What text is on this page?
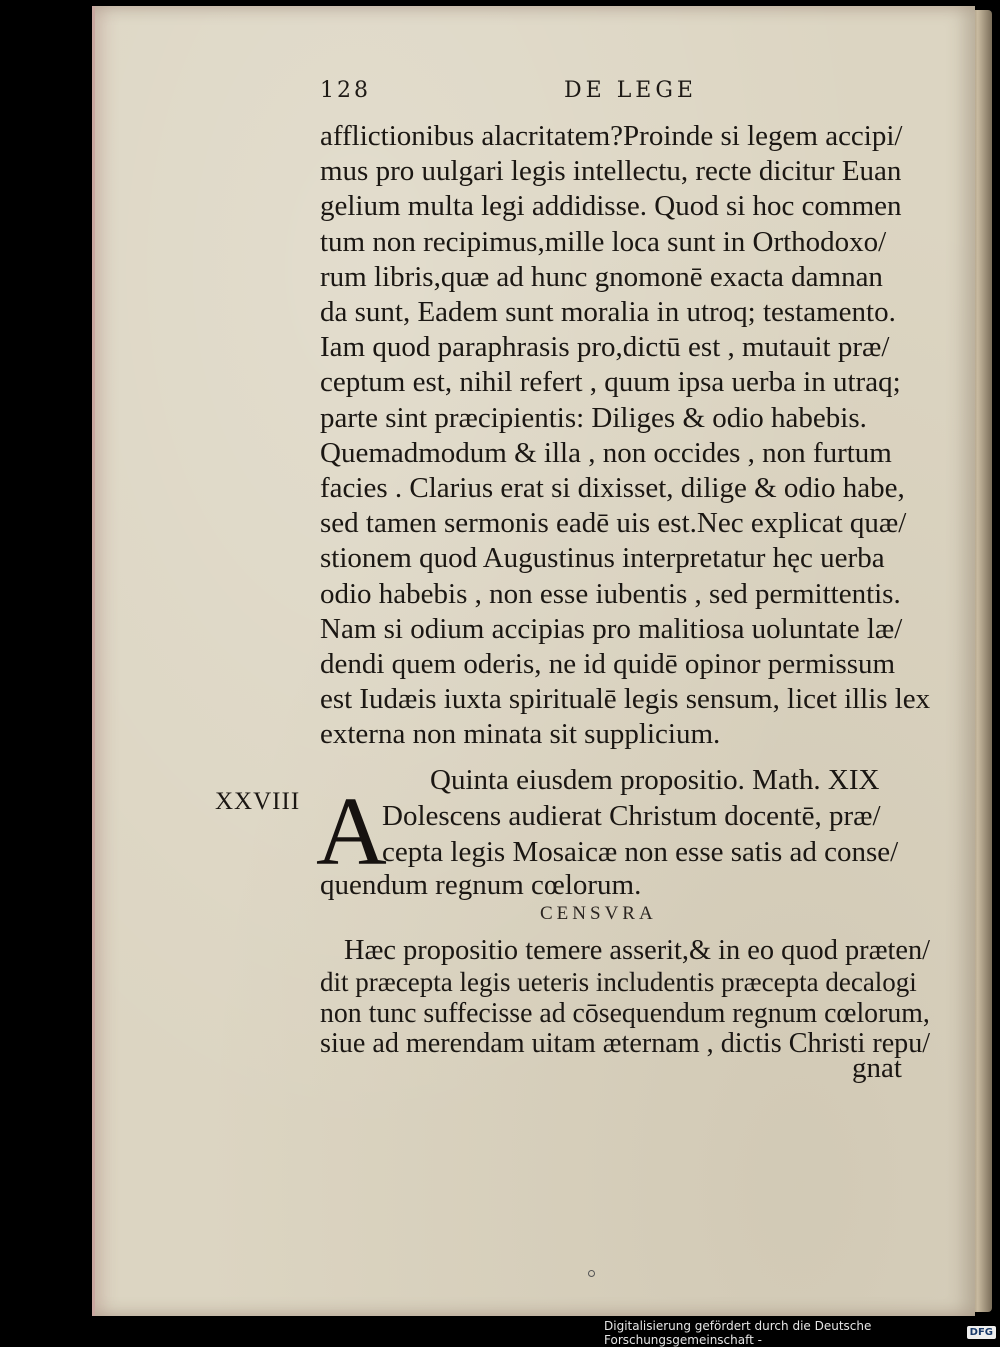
128	DE LEGE

afflictionibus alacritatem?Proinde si legem accipi/

mus pro uulgari legis intellectu, recte dicitur Euan

gelium multa legi addidisse. Quod si hoc commen

tum non recipimus,mille loca sunt in Orthodoxo/

rum libris,quæ ad hunc gnomonē exacta damnan

da sunt, Eadem sunt moralia in utroq; testamento.

Iam quod paraphrasis pro,dictū est , mutauit præ/

ceptum est, nihil refert , quum ipsa uerba in utraq;

parte sint præcipientis: Diliges & odio habebis.

Quemadmodum & illa , non occides , non furtum

facies . Clarius erat si dixisset, dilige & odio habe,

sed tamen sermonis eadē uis est.Nec explicat quæ/

stionem quod Augustinus interpretatur hęc uerba

odio habebis , non esse iubentis , sed permittentis.

Nam si odium accipias pro malitiosa uoluntate læ/

dendi quem oderis, ne id quidē opinor permissum

est Iudæis iuxta spiritualē legis sensum, licet illis lex

externa non minata sit supplicium.

Quinta eiusdem propositio. Math. XIX

XXVIII A

Dolescens audierat Christum docentē, præ/

cepta legis Mosaicæ non esse satis ad conse/

quendum regnum cœlorum.

CENSVRA

Hæc propositio temere asserit,& in eo quod præten/

dit præcepta legis ueteris includentis præcepta decalogi

non tunc suffecisse ad cōsequendum regnum cœlorum,

siue ad merendam uitam æternam , dictis Christi repu/

gnat
Digitalisierung gefördert durch die Deutsche Forschungsgemeinschaft -	DFG
